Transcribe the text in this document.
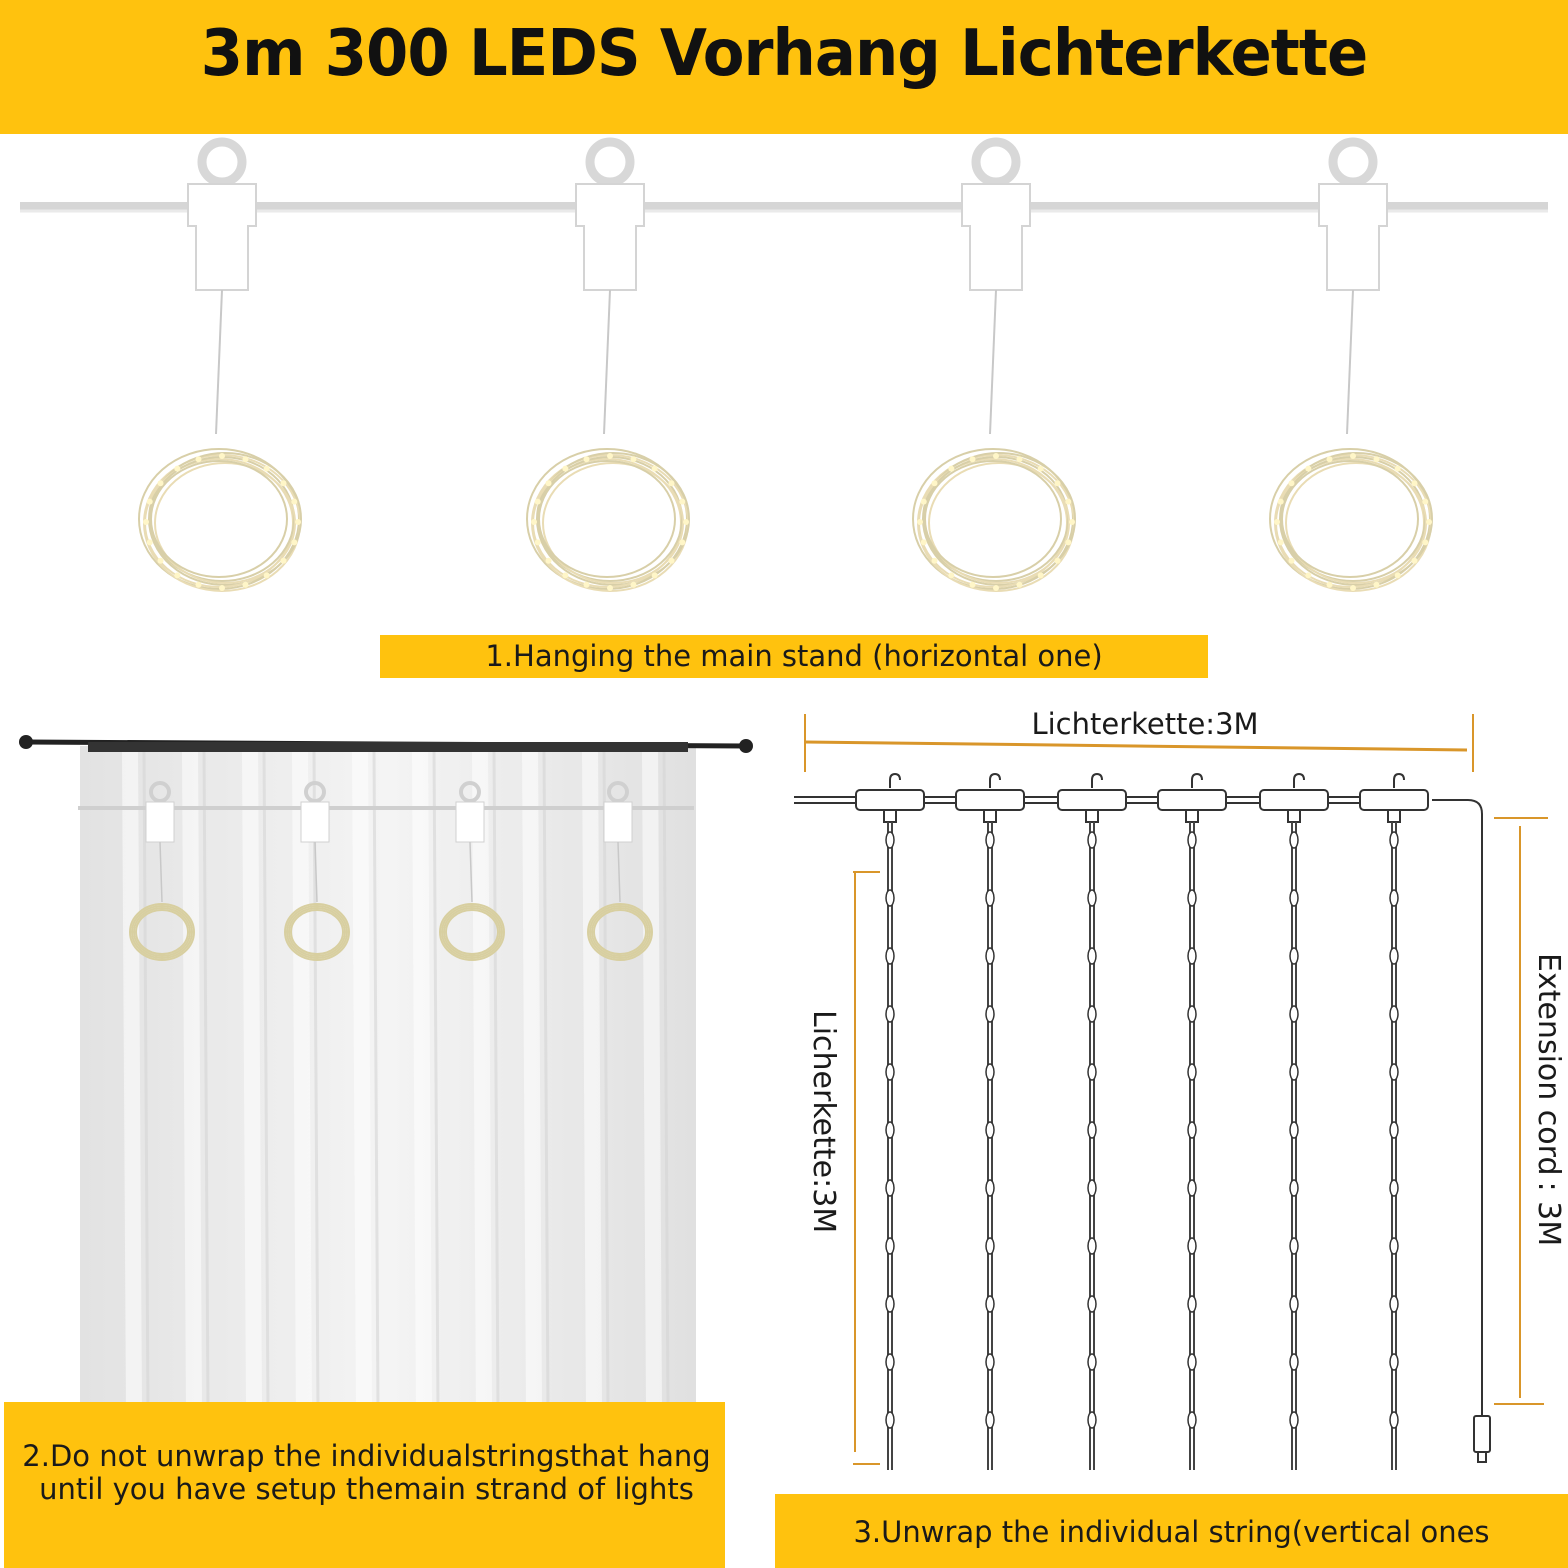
3m 300 LEDS Vorhang Lichterkette
1.Hanging the main stand (horizontal one)
Lichterkette:3M
Licherkette:3M	Extension cord : 3M
2.Do not unwrap the individualstringsthat hang until you have setup themain strand of lights
3.Unwrap the individual string(vertical ones
